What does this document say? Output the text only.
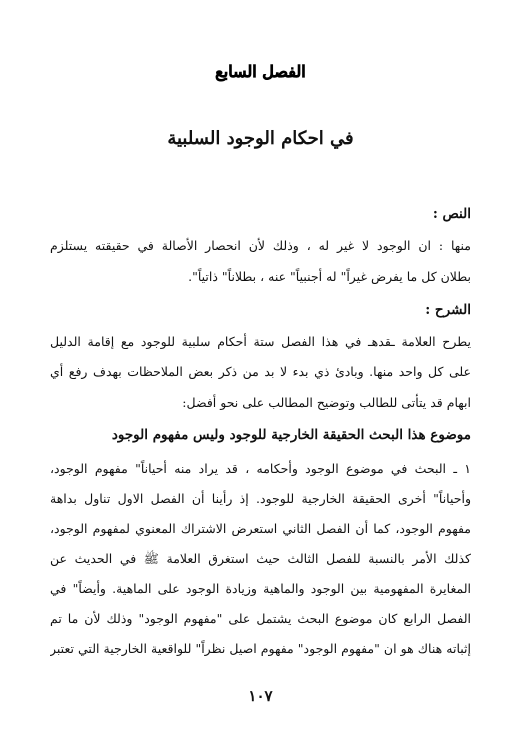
الفصل السابع
في احكام الوجود السلبية
النص :
منها : ان الوجود لا غير له ، وذلك لأن انحصار الأصالة في حقيقته يستلزم
بطلان كل ما يفرض غيراً" له أجنبياً" عنه ، بطلاناً" ذاتياً".
الشرح :
يطرح العلامة ـقدهـ في هذا الفصل ستة أحكام سلبية للوجود مع إقامة الدليل
على كل واحد منها. وبادئ ذي بدء لا بد من ذكر بعض الملاحظات بهدف رفع أي
ابهام قد يتأتى للطالب وتوضيح المطالب على نحو أفضل:
موضوع هذا البحث الحقيقة الخارجية للوجود وليس مفهوم الوجود
١ ـ البحث في موضوع الوجود وأحكامه ، قد يراد منه أحياناً" مفهوم الوجود،
وأحياناً" أخرى الحقيقة الخارجية للوجود. إذ رأينا أن الفصل الاول تناول بداهة
مفهوم الوجود، كما أن الفصل الثاني استعرض الاشتراك المعنوي لمفهوم الوجود،
كذلك الأمر بالنسبة للفصل الثالث حيث استغرق العلامة ﷺ في الحديث عن
المغايرة المفهومية بين الوجود والماهية وزيادة الوجود على الماهية. وأيضاً" في
الفصل الرابع كان موضوع البحث يشتمل على "مفهوم الوجود" وذلك لأن ما تم
إثباته هناك هو ان "مفهوم الوجود" مفهوم اصيل نظراً" للواقعية الخارجية التي تعتبر
١٠٧
